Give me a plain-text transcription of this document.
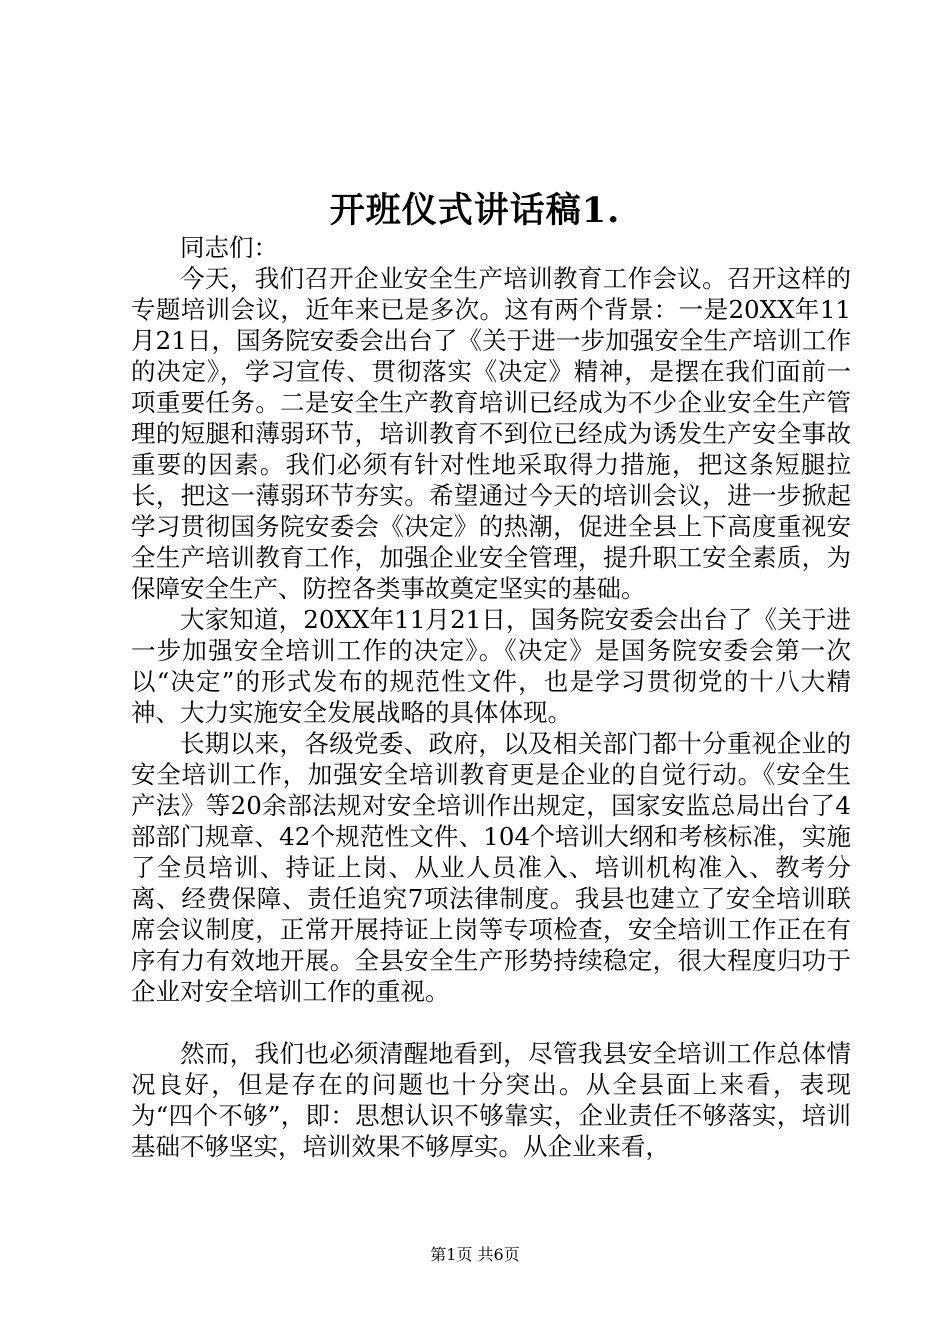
开班仪式讲话稿1.

同志们：

今天，我们召开企业安全生产培训教育工作会议。召开这样的专题培训会议，近年来已是多次。这有两个背景：一是20XX年11月21日，国务院安委会出台了《关于进一步加强安全生产培训工作的决定》，学习宣传、贯彻落实《决定》精神，是摆在我们面前一项重要任务。二是安全生产教育培训已经成为不少企业安全生产管理的短腿和薄弱环节，培训教育不到位已经成为诱发生产安全事故重要的因素。我们必须有针对性地采取得力措施，把这条短腿拉长，把这一薄弱环节夯实。希望通过今天的培训会议，进一步掀起学习贯彻国务院安委会《决定》的热潮，促进全县上下高度重视安全生产培训教育工作，加强企业安全管理，提升职工安全素质，为保障安全生产、防控各类事故奠定坚实的基础。

大家知道，20XX年11月21日，国务院安委会出台了《关于进一步加强安全培训工作的决定》。《决定》是国务院安委会第一次以“决定”的形式发布的规范性文件，也是学习贯彻党的十八大精神、大力实施安全发展战略的具体体现。

长期以来，各级党委、政府，以及相关部门都十分重视企业的安全培训工作，加强安全培训教育更是企业的自觉行动。《安全生产法》等20余部法规对安全培训作出规定，国家安监总局出台了4部部门规章、42个规范性文件、104个培训大纲和考核标准，实施了全员培训、持证上岗、从业人员准入、培训机构准入、教考分离、经费保障、责任追究7项法律制度。我县也建立了安全培训联席会议制度，正常开展持证上岗等专项检查，安全培训工作正在有序有力有效地开展。全县安全生产形势持续稳定，很大程度归功于企业对安全培训工作的重视。

然而，我们也必须清醒地看到，尽管我县安全培训工作总体情况良好，但是存在的问题也十分突出。从全县面上来看，表现为“四个不够”，即：思想认识不够靠实，企业责任不够落实，培训基础不够坚实，培训效果不够厚实。从企业来看，

第1页 共6页
